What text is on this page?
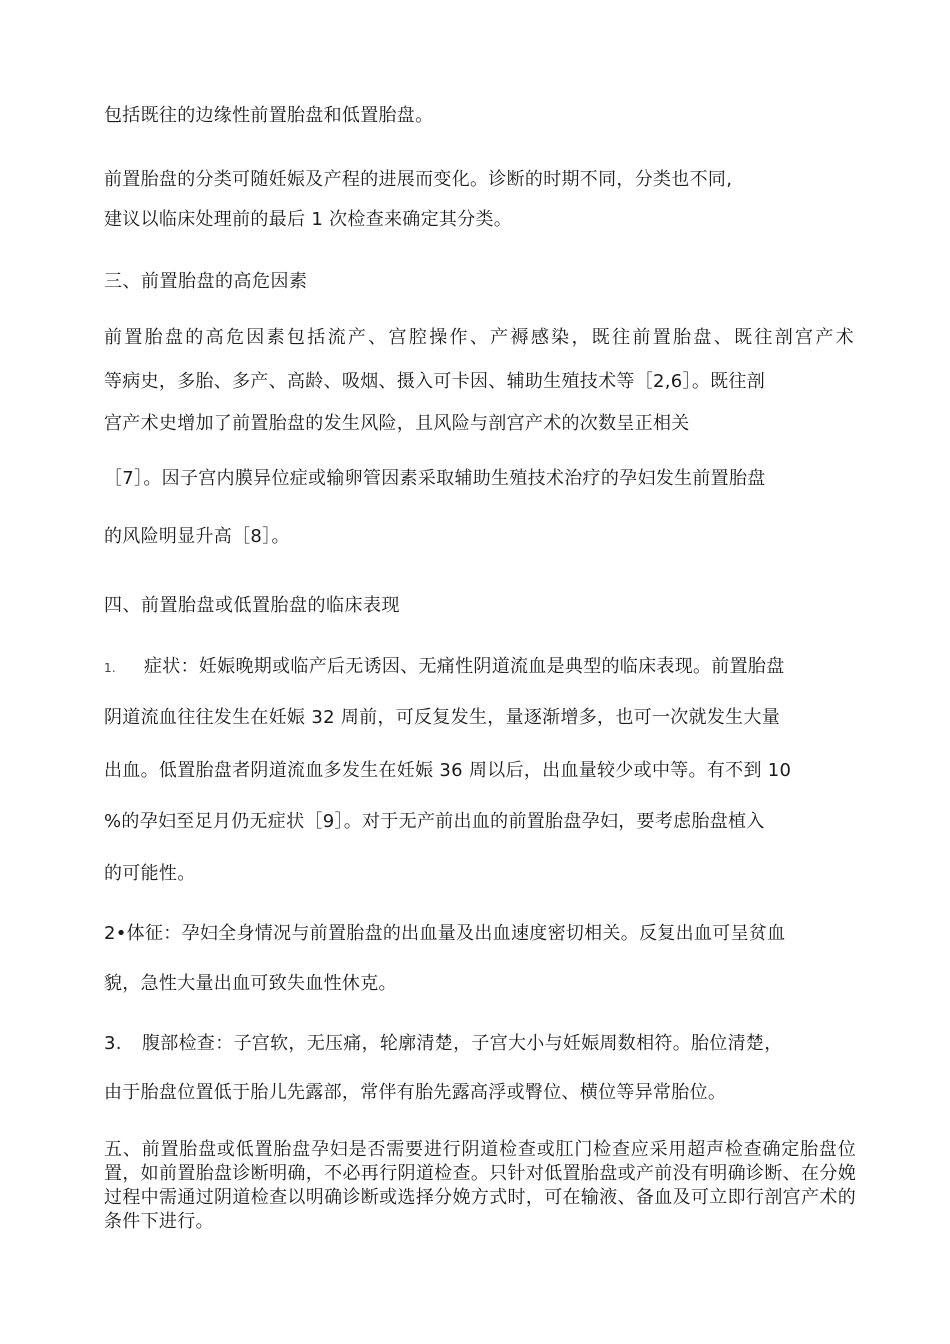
包括既往的边缘性前置胎盘和低置胎盘。

前置胎盘的分类可随妊娠及产程的进展而变化。诊断的时期不同，分类也不同,

建议以临床处理前的最后 1 次检查来确定其分类。

三、前置胎盘的高危因素

前置胎盘的高危因素包括流产、宫腔操作、产褥感染，既往前置胎盘、既往剖宫产术

等病史，多胎、多产、高龄、吸烟、摄入可卡因、辅助生殖技术等［2,6］。既往剖

宫产术史增加了前置胎盘的发生风险，且风险与剖宫产术的次数呈正相关

［7］。因子宫内膜异位症或输卵管因素采取辅助生殖技术治疗的孕妇发生前置胎盘

的风险明显升高［8］。

四、前置胎盘或低置胎盘的临床表现

1. 症状：妊娠晚期或临产后无诱因、无痛性阴道流血是典型的临床表现。前置胎盘

阴道流血往往发生在妊娠 32 周前，可反复发生，量逐渐增多，也可一次就发生大量

出血。低置胎盘者阴道流血多发生在妊娠 36 周以后，出血量较少或中等。有不到 10

%的孕妇至足月仍无症状［9］。对于无产前出血的前置胎盘孕妇，要考虑胎盘植入

的可能性。

2•体征：孕妇全身情况与前置胎盘的出血量及出血速度密切相关。反复出血可呈贫血

貌，急性大量出血可致失血性休克。

3. 腹部检查：子宫软，无压痛，轮廓清楚，子宫大小与妊娠周数相符。胎位清楚，

由于胎盘位置低于胎儿先露部，常伴有胎先露高浮或臀位、横位等异常胎位。

五、前置胎盘或低置胎盘孕妇是否需要进行阴道检查或肛门检查应采用超声检查确定胎盘位置，如前置胎盘诊断明确，不必再行阴道检查。只针对低置胎盘或产前没有明确诊断、在分娩过程中需通过阴道检查以明确诊断或选择分娩方式时，可在输液、备血及可立即行剖宫产术的条件下进行。
